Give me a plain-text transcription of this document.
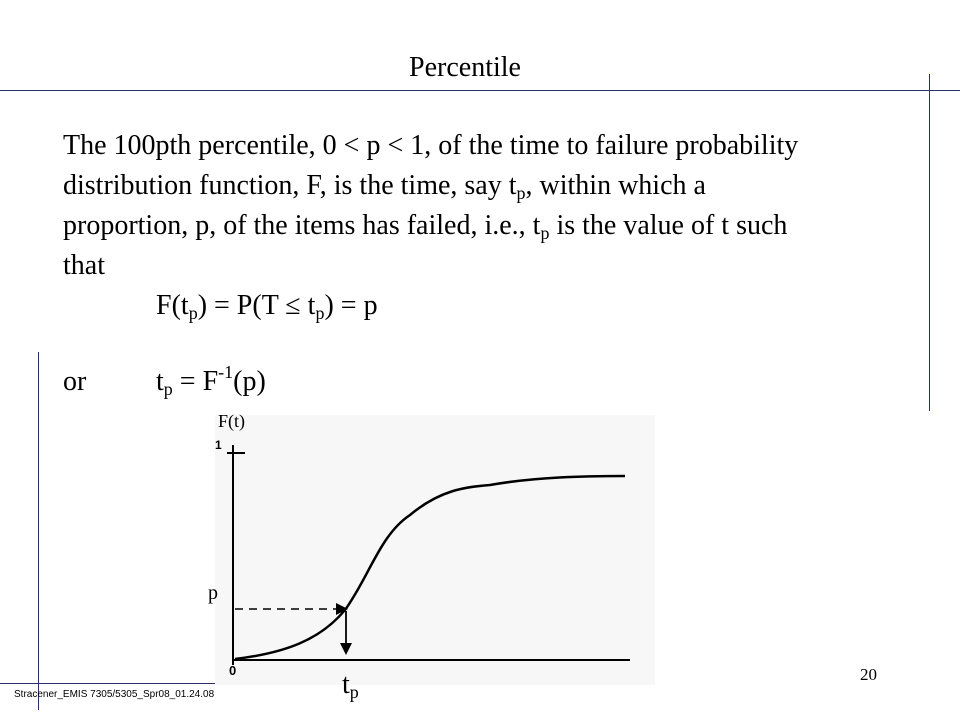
Percentile
The 100pth percentile, 0 < p < 1, of the time to failure probability
distribution function, F, is the time, say $t_p$, within which a
proportion, p, of the items has failed, i.e., $t_p$ is the value of t such
that
$F(t_p) = P(T \le t_p) = p$
or $t_p = F^{-1}(p)$
F(t)
1
0
p
$t_p$
Stracener_EMIS 7305/5305_Spr08_01.24.08
20
